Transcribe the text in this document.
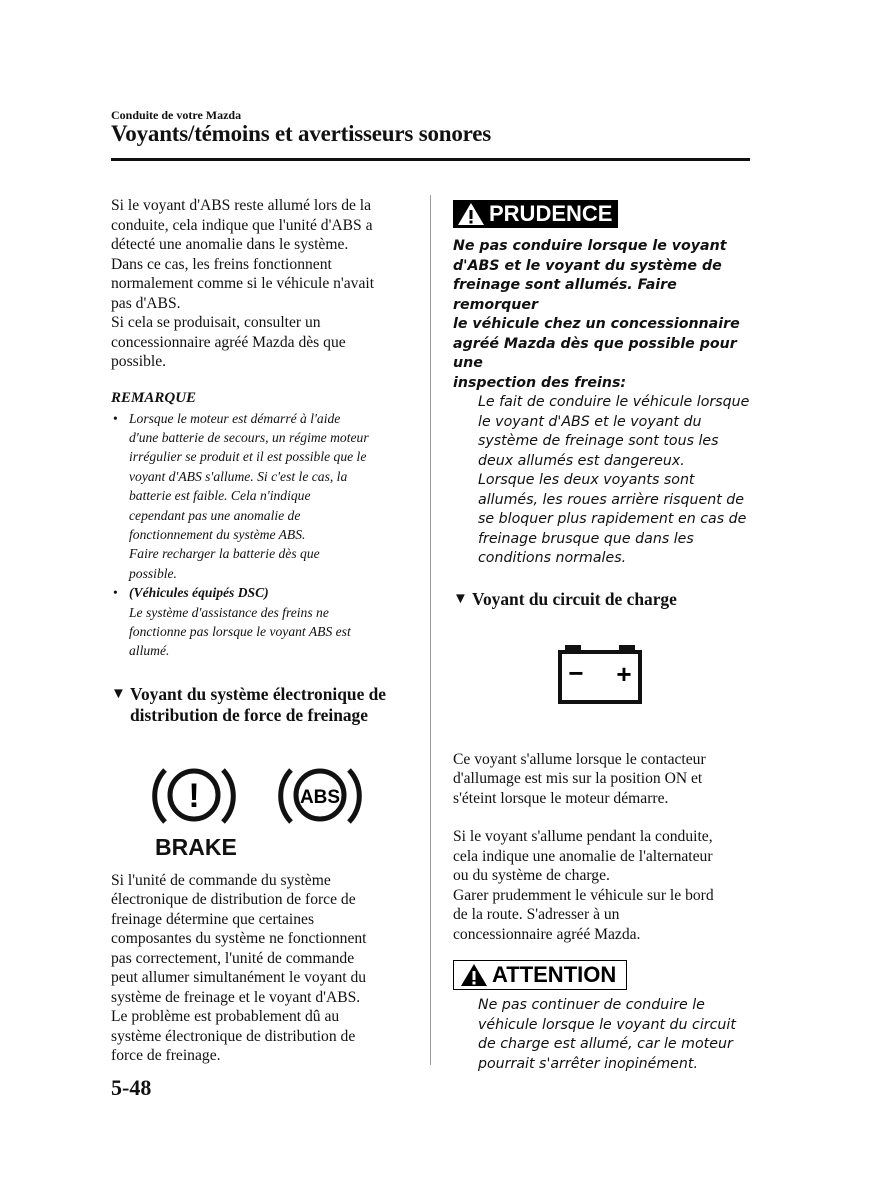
Conduite de votre Mazda
Voyants/témoins et avertisseurs sonores

Si le voyant d'ABS reste allumé lors de la
conduite, cela indique que l'unité d'ABS a
détecté une anomalie dans le système.
Dans ce cas, les freins fonctionnent
normalement comme si le véhicule n'avait
pas d'ABS.
Si cela se produisait, consulter un
concessionnaire agréé Mazda dès que
possible.

REMARQUE
• Lorsque le moteur est démarré à l'aide
d'une batterie de secours, un régime moteur
irrégulier se produit et il est possible que le
voyant d'ABS s'allume. Si c'est le cas, la
batterie est faible. Cela n'indique
cependant pas une anomalie de
fonctionnement du système ABS.
Faire recharger la batterie dès que
possible.
• (Véhicules équipés DSC)
Le système d'assistance des freins ne
fonctionne pas lorsque le voyant ABS est
allumé.
▼ Voyant du système électronique de
distribution de force de freinage
!
BRAKE
ABS

Si l'unité de commande du système
électronique de distribution de force de
freinage détermine que certaines
composantes du système ne fonctionnent
pas correctement, l'unité de commande
peut allumer simultanément le voyant du
système de freinage et le voyant d'ABS.
Le problème est probablement dû au
système électronique de distribution de
force de freinage.

PRUDENCE
Ne pas conduire lorsque le voyant
d'ABS et le voyant du système de
freinage sont allumés. Faire remorquer
le véhicule chez un concessionnaire
agréé Mazda dès que possible pour une
inspection des freins:
Le fait de conduire le véhicule lorsque
le voyant d'ABS et le voyant du
système de freinage sont tous les
deux allumés est dangereux.
Lorsque les deux voyants sont
allumés, les roues arrière risquent de
se bloquer plus rapidement en cas de
freinage brusque que dans les
conditions normales.
▼ Voyant du circuit de charge
− +

Ce voyant s'allume lorsque le contacteur
d'allumage est mis sur la position ON et
s'éteint lorsque le moteur démarre.

Si le voyant s'allume pendant la conduite,
cela indique une anomalie de l'alternateur
ou du système de charge.
Garer prudemment le véhicule sur le bord
de la route. S'adresser à un
concessionnaire agréé Mazda.

ATTENTION
Ne pas continuer de conduire le
véhicule lorsque le voyant du circuit
de charge est allumé, car le moteur
pourrait s'arrêter inopinément.
5-48
